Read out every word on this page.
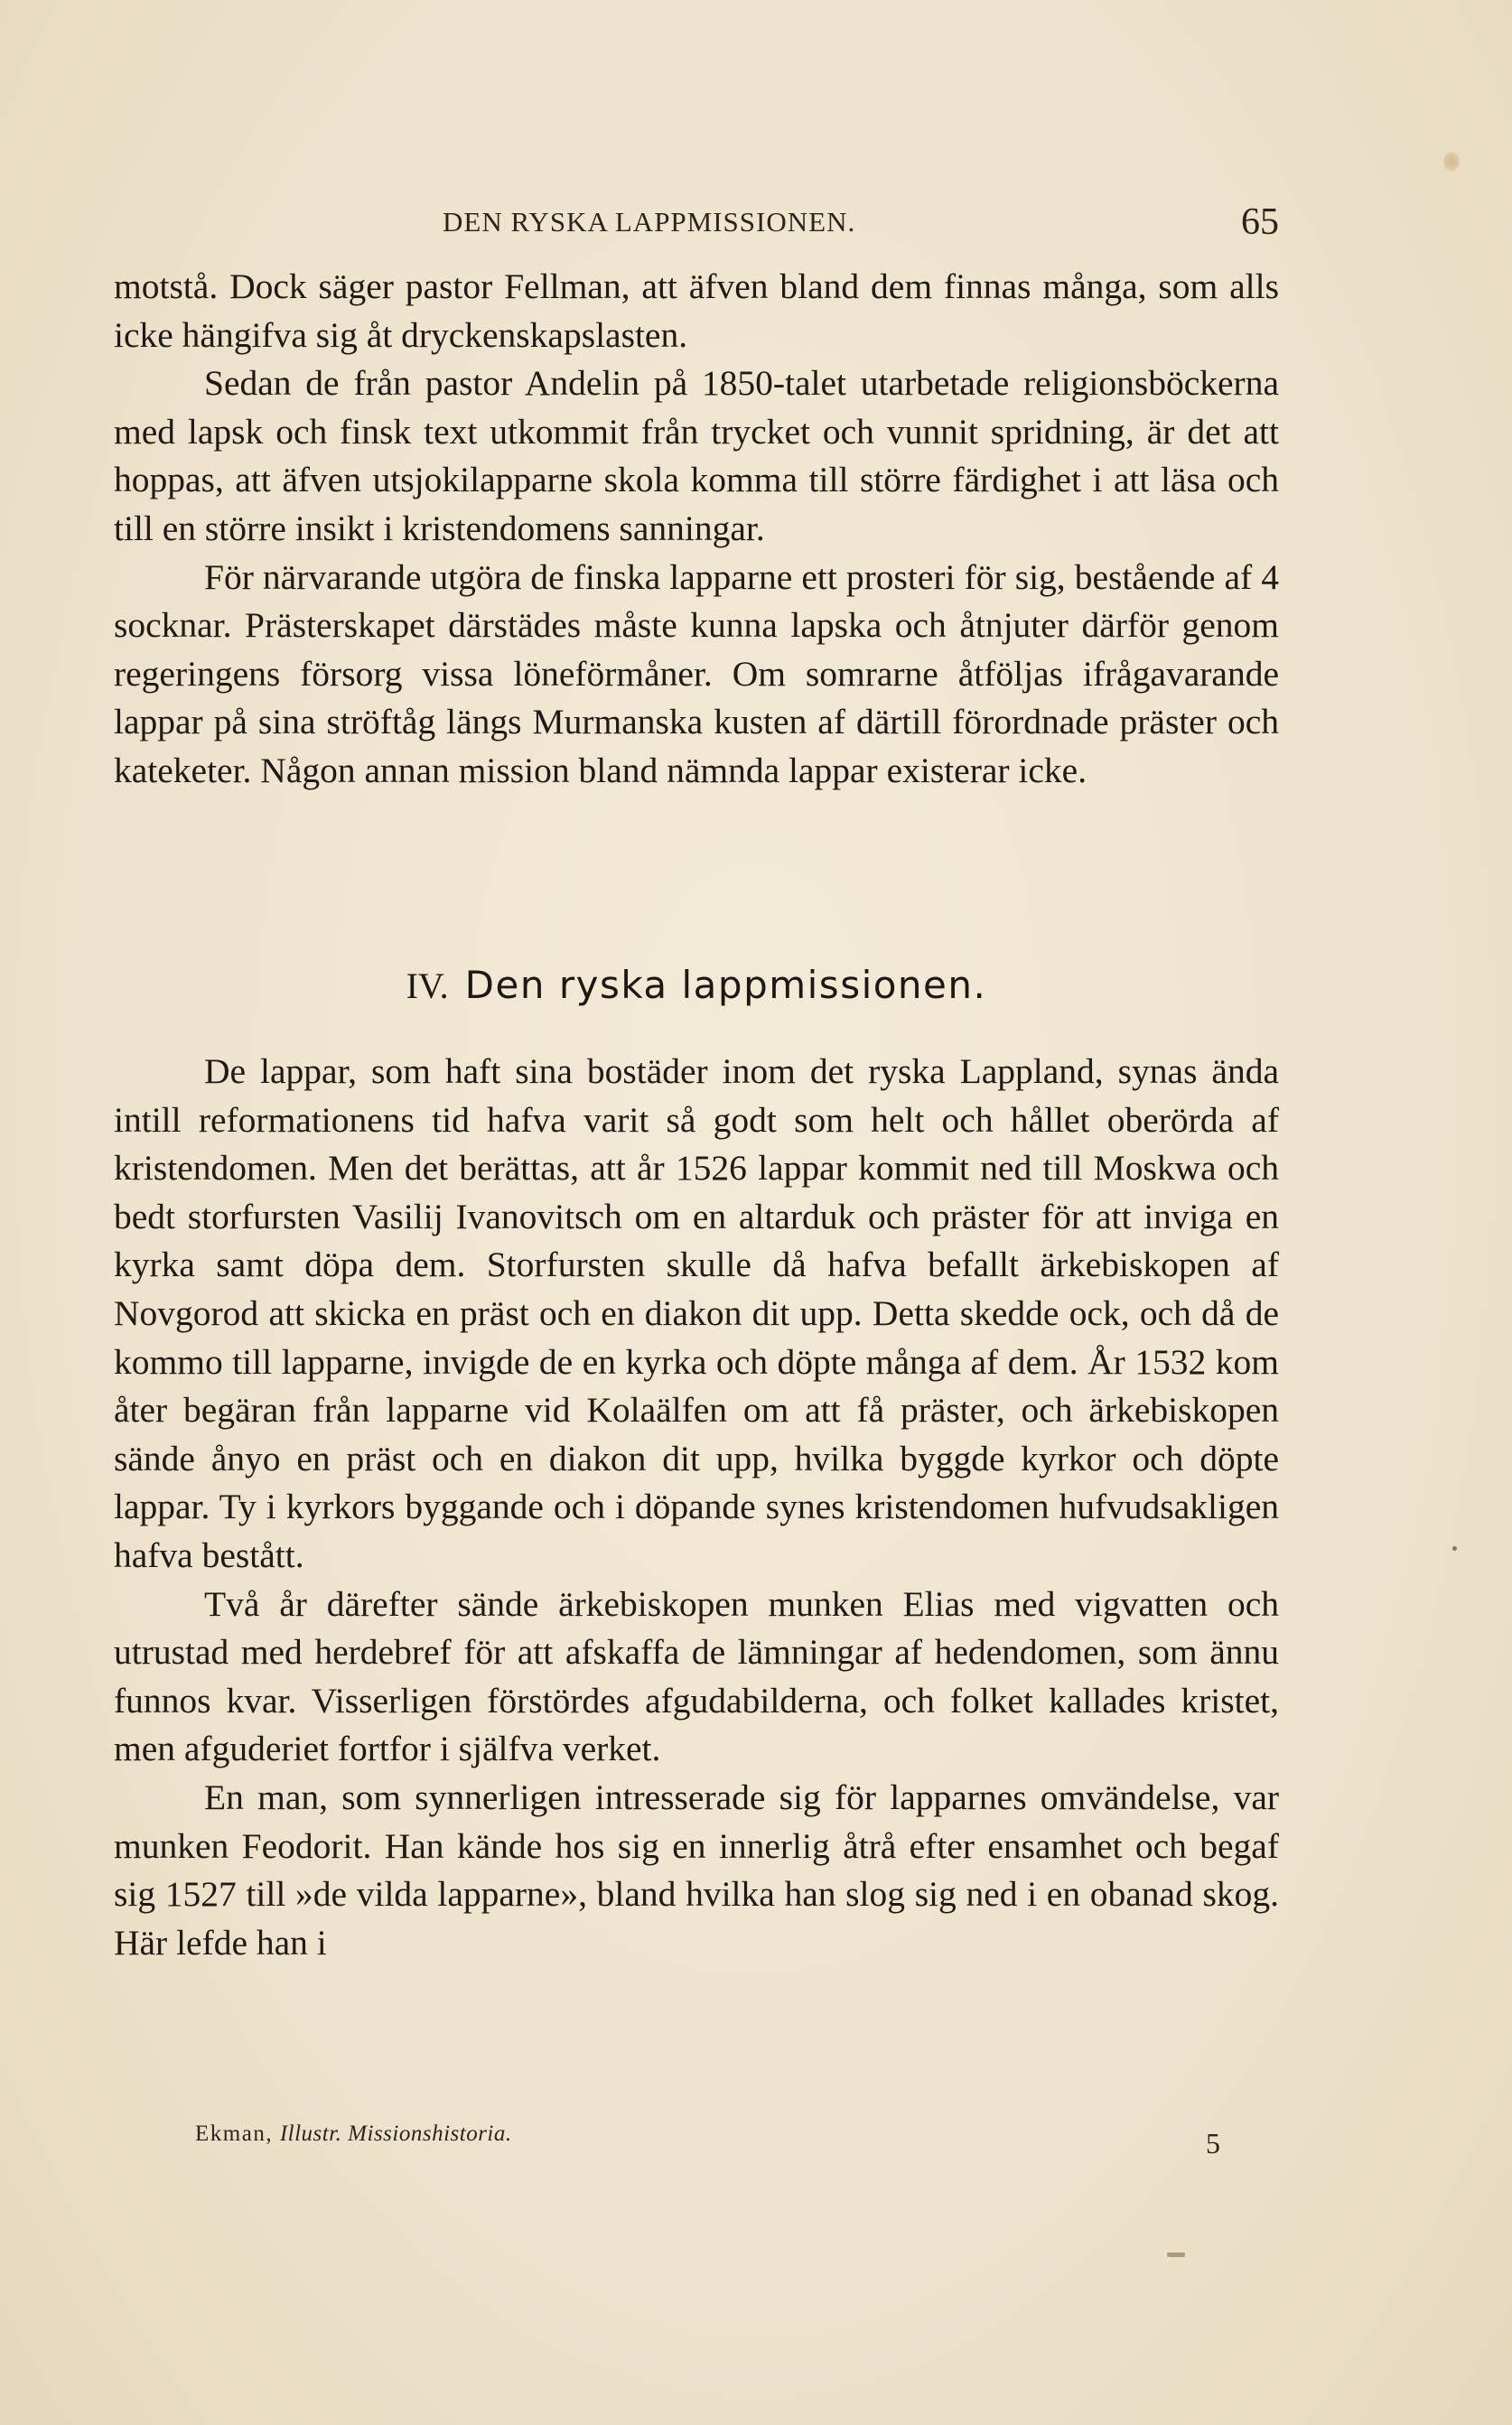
DEN RYSKA LAPPMISSIONEN.	65

motstå. Dock säger pastor Fellman, att äfven bland dem finnas många, som alls icke hängifva sig åt dryckenskapslasten.

Sedan de från pastor Andelin på 1850-talet utarbetade religionsböckerna med lapsk och finsk text utkommit från trycket och vunnit spridning, är det att hoppas, att äfven utsjokilapparne skola komma till större färdighet i att läsa och till en större insikt i kristendomens sanningar.

För närvarande utgöra de finska lapparne ett prosteri för sig, bestående af 4 socknar. Prästerskapet därstädes måste kunna lapska och åtnjuter därför genom regeringens försorg vissa löneförmåner. Om somrarne åtföljas ifrågavarande lappar på sina ströftåg längs Murmanska kusten af därtill förordnade präster och kateketer. Någon annan mission bland nämnda lappar existerar icke.

IV. Den ryska lappmissionen.

De lappar, som haft sina bostäder inom det ryska Lappland, synas ända intill reformationens tid hafva varit så godt som helt och hållet oberörda af kristendomen. Men det berättas, att år 1526 lappar kommit ned till Moskwa och bedt storfursten Vasilij Ivanovitsch om en altarduk och präster för att inviga en kyrka samt döpa dem. Storfursten skulle då hafva befallt ärkebiskopen af Novgorod att skicka en präst och en diakon dit upp. Detta skedde ock, och då de kommo till lapparne, invigde de en kyrka och döpte många af dem. År 1532 kom åter begäran från lapparne vid Kolaälfen om att få präster, och ärkebiskopen sände ånyo en präst och en diakon dit upp, hvilka byggde kyrkor och döpte lappar. Ty i kyrkors byggande och i döpande synes kristendomen hufvudsakligen hafva bestått.

Två år därefter sände ärkebiskopen munken Elias med vigvatten och utrustad med herdebref för att afskaffa de lämningar af hedendomen, som ännu funnos kvar. Visserligen förstördes afgudabilderna, och folket kallades kristet, men afguderiet fortfor i själfva verket.

En man, som synnerligen intresserade sig för lapparnes omvändelse, var munken Feodorit. Han kände hos sig en innerlig åtrå efter ensamhet och begaf sig 1527 till »de vilda lapparne», bland hvilka han slog sig ned i en obanad skog. Här lefde han i

Ekman, Illustr. Missionshistoria.	5
